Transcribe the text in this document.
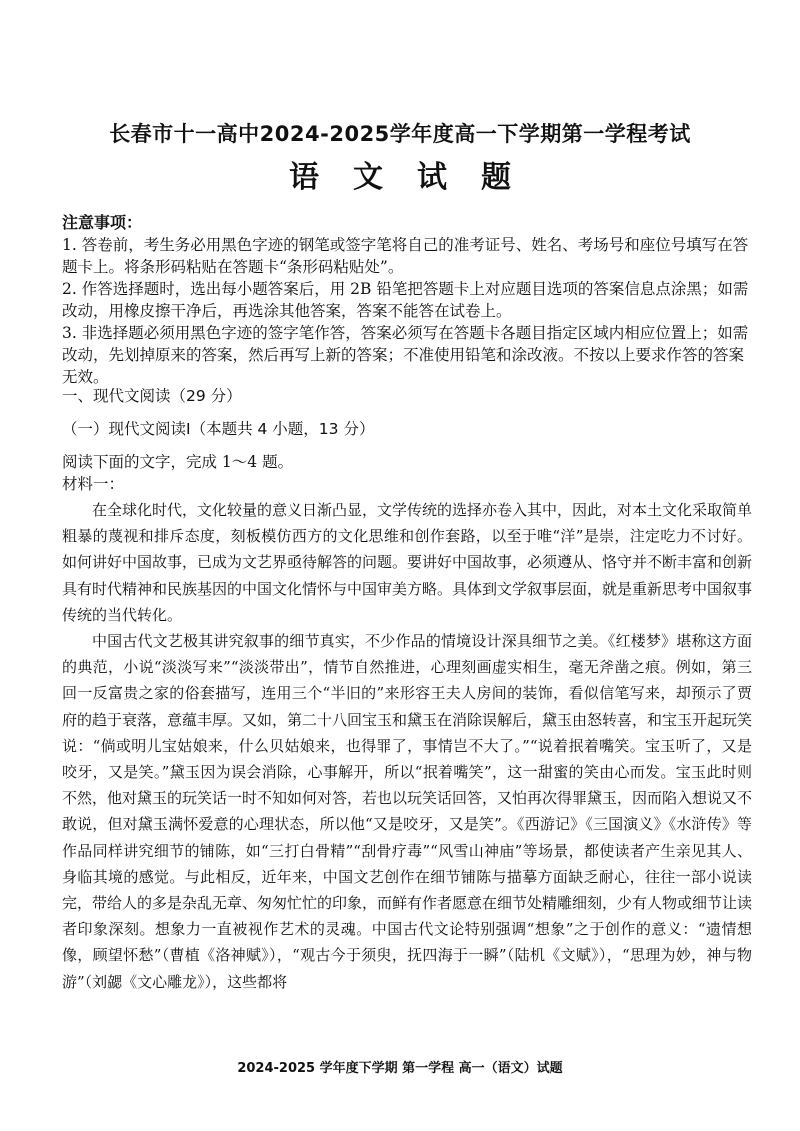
长春市十一高中2024-2025学年度高一下学期第一学程考试
语文试题
注意事项：
1. 答卷前，考生务必用黑色字迹的钢笔或签字笔将自己的准考证号、姓名、考场号和座位号填写在答题卡上。将条形码粘贴在答题卡“条形码粘贴处”。
2. 作答选择题时，选出每小题答案后，用 2B 铅笔把答题卡上对应题目选项的答案信息点涂黑；如需改动，用橡皮擦干净后，再选涂其他答案，答案不能答在试卷上。
3. 非选择题必须用黑色字迹的签字笔作答，答案必须写在答题卡各题目指定区域内相应位置上；如需改动，先划掉原来的答案，然后再写上新的答案；不准使用铅笔和涂改液。不按以上要求作答的答案无效。
一、现代文阅读（29 分）
（一）现代文阅读Ⅰ（本题共 4 小题，13 分）
阅读下面的文字，完成 1～4 题。
材料一：

在全球化时代，文化较量的意义日渐凸显，文学传统的选择亦卷入其中，因此，对本土文化采取简单粗暴的蔑视和排斥态度，刻板模仿西方的文化思维和创作套路，以至于唯“洋”是崇，注定吃力不讨好。如何讲好中国故事，已成为文艺界亟待解答的问题。要讲好中国故事，必须遵从、恪守并不断丰富和创新具有时代精神和民族基因的中国文化情怀与中国审美方略。具体到文学叙事层面，就是重新思考中国叙事传统的当代转化。

中国古代文艺极其讲究叙事的细节真实，不少作品的情境设计深具细节之美。《红楼梦》堪称这方面的典范，小说“淡淡写来”“淡淡带出”，情节自然推进，心理刻画虚实相生，毫无斧凿之痕。例如，第三回一反富贵之家的俗套描写，连用三个“半旧的”来形容王夫人房间的装饰，看似信笔写来，却预示了贾府的趋于衰落，意蕴丰厚。又如，第二十八回宝玉和黛玉在消除误解后，黛玉由怒转喜，和宝玉开起玩笑说：“倘或明儿宝姑娘来，什么贝姑娘来，也得罪了，事情岂不大了。”“说着抿着嘴笑。宝玉听了，又是咬牙，又是笑。”黛玉因为误会消除，心事解开，所以“抿着嘴笑”，这一甜蜜的笑由心而发。宝玉此时则不然，他对黛玉的玩笑话一时不知如何对答，若也以玩笑话回答，又怕再次得罪黛玉，因而陷入想说又不敢说，但对黛玉满怀爱意的心理状态，所以他“又是咬牙，又是笑”。《西游记》《三国演义》《水浒传》等作品同样讲究细节的铺陈，如“三打白骨精”“刮骨疗毒”“风雪山神庙”等场景，都使读者产生亲见其人、身临其境的感觉。与此相反，近年来，中国文艺创作在细节铺陈与描摹方面缺乏耐心，往往一部小说读完，带给人的多是杂乱无章、匆匆忙忙的印象，而鲜有作者愿意在细节处精雕细刻，少有人物或细节让读者印象深刻。想象力一直被视作艺术的灵魂。中国古代文论特别强调“想象”之于创作的意义：“遗情想像，顾望怀愁”（曹植《洛神赋》），“观古今于须臾，抚四海于一瞬”（陆机《文赋》），“思理为妙，神与物游”（刘勰《文心雕龙》），这些都将

2024-2025 学年度下学期 第一学程 高一（语文）试题
